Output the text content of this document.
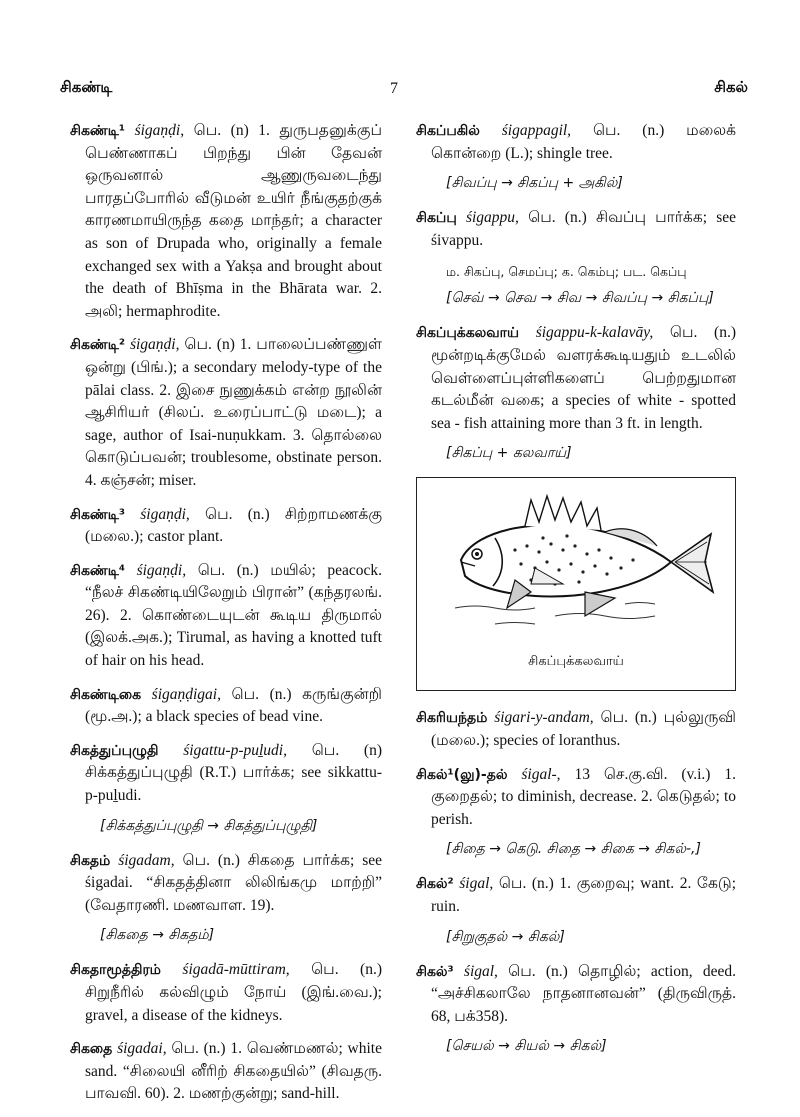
சிகண்டி	7	சிகல்
சிகண்டி¹ śigaṇḍi, பெ. (n) 1. துருபதனுக்குப் பெண்ணாகப் பிறந்து பின் தேவன் ஒருவனால் ஆணுருவடைந்து பாரதப்போரில் வீடுமன் உயிர் நீங்குதற்குக் காரணமாயிருந்த கதை மாந்தர்; a character as son of Drupada who, originally a female exchanged sex with a Yakṣa and brought about the death of Bhīṣma in the Bhārata war. 2. அலி; hermaphrodite.
சிகண்டி² śigaṇḍi, பெ. (n) 1. பாலைப்பண்ணுள் ஒன்று (பிங்.); a secondary melody-type of the pālai class. 2. இசை நுணுக்கம் என்ற நூலின் ஆசிரியர் (சிலப். உரைப்பாட்டு மடை); a sage, author of Isai-nuṇukkam. 3. தொல்லை கொடுப்பவன்; troublesome, obstinate person. 4. கஞ்சன்; miser.
சிகண்டி³ śigaṇḍi, பெ. (n.) சிற்றாமணக்கு (மலை.); castor plant.
சிகண்டி⁴ śigaṇḍi, பெ. (n.) மயில்; peacock. “நீலச் சிகண்டியிலேறும் பிரான்” (கந்தரலங். 26). 2. கொண்டையுடன் கூடிய திருமால் (இலக்.அக.); Tirumal, as having a knotted tuft of hair on his head.
சிகண்டிகை śigaṇḍigai, பெ. (n.) கருங்குன்றி (மூ.அ.); a black species of bead vine.
சிகத்துப்புழுதி śigattu-p-puḻudi, பெ. (n) சிக்கத்துப்புழுதி (R.T.) பார்க்க; see sikkattu-p-puḻudi.
[சிக்கத்துப்புழுதி → சிகத்துப்புழுதி]
சிகதம் śigadam, பெ. (n.) சிகதை பார்க்க; see śigadai. “சிகதத்தினா லிலிங்கமு மாற்றி” (வேதாரணி. மணவாள. 19).
[சிகதை → சிகதம்]
சிகதாமூத்திரம் śigadā-mūttiram, பெ. (n.) சிறுநீரில் கல்விழும் நோய் (இங்.வை.); gravel, a disease of the kidneys.
சிகதை śigadai, பெ. (n.) 1. வெண்மணல்; white sand. “சிலையி னீரிற் சிகதையில்” (சிவதரு. பாவவி. 60). 2. மணற்குன்று; sand-hill.
சிகப்பகில் śigappagil, பெ. (n.) மலைக் கொன்றை (L.); shingle tree.
[சிவப்பு → சிகப்பு + அகில்]
சிகப்பு śigappu, பெ. (n.) சிவப்பு பார்க்க; see śivappu.
ம. சிகப்பு, செமப்பு; க. கெம்பு; பட. கெப்பு
[செவ் → செவ → சிவ → சிவப்பு → சிகப்பு]
சிகப்புக்கலவாய் śigappu-k-kalavāy, பெ. (n.) மூன்றடிக்குமேல் வளரக்கூடியதும் உடலில் வெள்ளைப்புள்ளிகளைப் பெற்றதுமான கடல்மீன் வகை; a species of white - spotted sea - fish attaining more than 3 ft. in length.
[சிகப்பு + கலவாய்]
சிகப்புக்கலவாய்
சிகரியந்தம் śigari-y-andam, பெ. (n.) புல்லுருவி (மலை.); species of loranthus.
சிகல்¹(லு)-தல் śigal-, 13 செ.கு.வி. (v.i.) 1. குறைதல்; to diminish, decrease. 2. கெடுதல்; to perish.
[சிதை → கெடு. சிதை → சிகை → சிகல்-,]
சிகல்² śigal, பெ. (n.) 1. குறைவு; want. 2. கேடு; ruin.
[சிறுகுதல் → சிகல்]
சிகல்³ śigal, பெ. (n.) தொழில்; action, deed. “அச்சிகலாலே நாதனானவன்” (திருவிருத். 68, பக்358).
[செயல் → சியல் → சிகல்]
